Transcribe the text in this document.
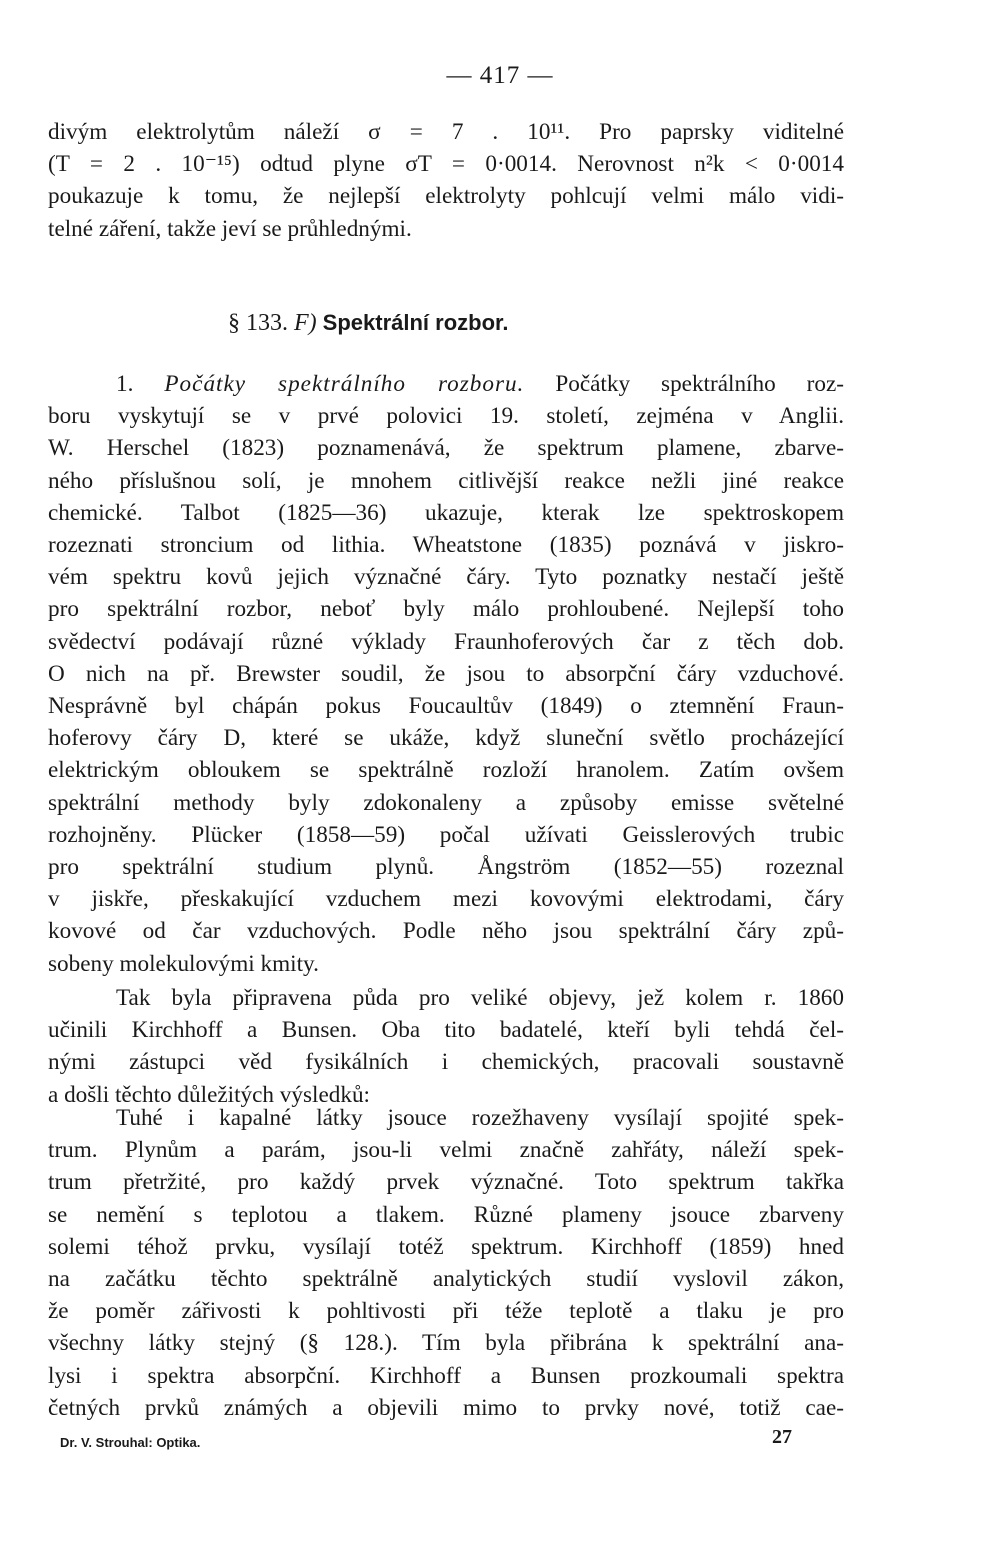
— 417 —
divým elektrolytům náleží σ = 7 . 10¹¹. Pro paprsky viditelné
(T = 2 . 10⁻¹⁵) odtud plyne σT = 0·0014. Nerovnost n²k < 0·0014
poukazuje k tomu, že nejlepší elektrolyty pohlcují velmi málo vidi-
telné záření, takže jeví se průhlednými.
§ 133. F) Spektrální rozbor.
1. Počátky spektrálního rozboru. Počátky spektrálního roz-
boru vyskytují se v prvé polovici 19. století, zejména v Anglii.
W. Herschel (1823) poznamenává, že spektrum plamene, zbarve-
ného příslušnou solí, je mnohem citlivější reakce nežli jiné reakce
chemické. Talbot (1825—36) ukazuje, kterak lze spektroskopem
rozeznati stroncium od lithia. Wheatstone (1835) poznává v jiskro-
vém spektru kovů jejich význačné čáry. Tyto poznatky nestačí ještě
pro spektrální rozbor, neboť byly málo prohloubené. Nejlepší toho
svědectví podávají různé výklady Fraunhoferových čar z těch dob.
O nich na př. Brewster soudil, že jsou to absorpční čáry vzduchové.
Nesprávně byl chápán pokus Foucaultův (1849) o ztemnění Fraun-
hoferovy čáry D, které se ukáže, když sluneční světlo procházející
elektrickým obloukem se spektrálně rozloží hranolem. Zatím ovšem
spektrální methody byly zdokonaleny a způsoby emisse světelné
rozhojněny. Plücker (1858—59) počal užívati Geisslerových trubic
pro spektrální studium plynů. Ångström (1852—55) rozeznal
v jiskře, přeskakující vzduchem mezi kovovými elektrodami, čáry
kovové od čar vzduchových. Podle něho jsou spektrální čáry způ-
sobeny molekulovými kmity.
Tak byla připravena půda pro veliké objevy, jež kolem r. 1860
učinili Kirchhoff a Bunsen. Oba tito badatelé, kteří byli tehdá čel-
nými zástupci věd fysikálních i chemických, pracovali soustavně
a došli těchto důležitých výsledků:
Tuhé i kapalné látky jsouce rozežhaveny vysílají spojité spek-
trum. Plynům a parám, jsou-li velmi značně zahřáty, náleží spek-
trum přetržité, pro každý prvek význačné. Toto spektrum takřka
se nemění s teplotou a tlakem. Různé plameny jsouce zbarveny
solemi téhož prvku, vysílají totéž spektrum. Kirchhoff (1859) hned
na začátku těchto spektrálně analytických studií vyslovil zákon,
že poměr zářivosti k pohltivosti při téže teplotě a tlaku je pro
všechny látky stejný (§ 128.). Tím byla přibrána k spektrální ana-
lysi i spektra absorpční. Kirchhoff a Bunsen prozkoumali spektra
četných prvků známých a objevili mimo to prvky nové, totiž cae-
Dr. V. Strouhal: Optika.	27
